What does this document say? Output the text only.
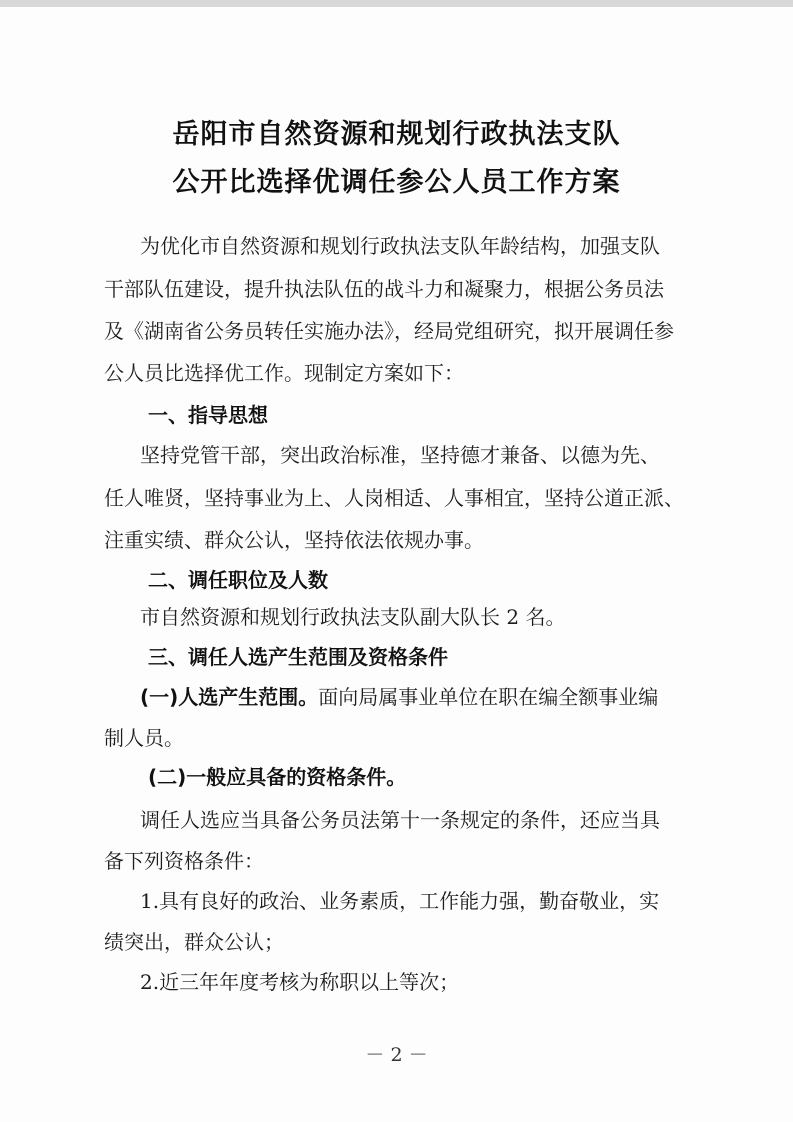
岳阳市自然资源和规划行政执法支队
公开比选择优调任参公人员工作方案
为优化市自然资源和规划行政执法支队年龄结构，加强支队
干部队伍建设，提升执法队伍的战斗力和凝聚力，根据公务员法
及《湖南省公务员转任实施办法》，经局党组研究，拟开展调任参
公人员比选择优工作。现制定方案如下：
一、指导思想
坚持党管干部，突出政治标准，坚持德才兼备、以德为先、
任人唯贤，坚持事业为上、人岗相适、人事相宜，坚持公道正派、
注重实绩、群众公认，坚持依法依规办事。
二、调任职位及人数
市自然资源和规划行政执法支队副大队长 2 名。
三、调任人选产生范围及资格条件
(一)人选产生范围。面向局属事业单位在职在编全额事业编
制人员。
(二)一般应具备的资格条件。
调任人选应当具备公务员法第十一条规定的条件，还应当具
备下列资格条件：
1.具有良好的政治、业务素质，工作能力强，勤奋敬业，实
绩突出，群众公认；
2.近三年年度考核为称职以上等次；
－ 2 －
